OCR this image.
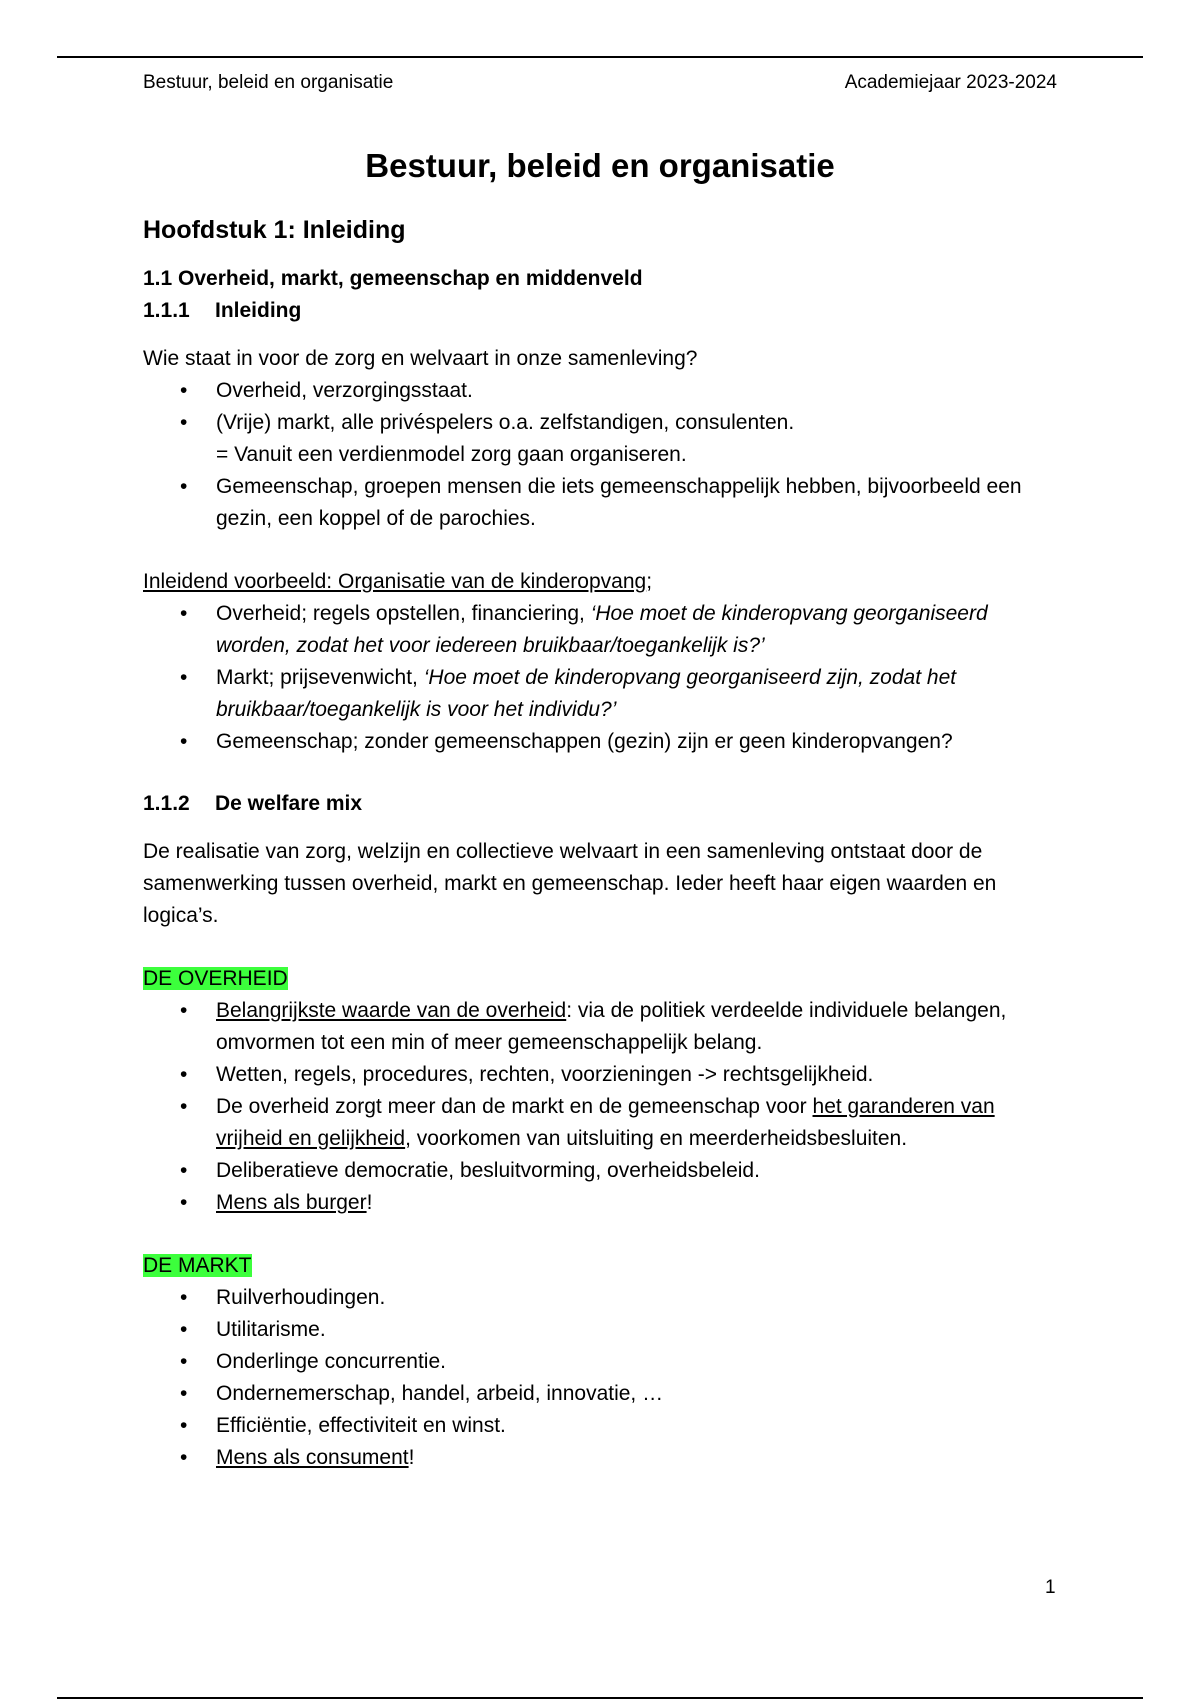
Bestuur, beleid en organisatie	Academiejaar 2023-2024
Bestuur, beleid en organisatie
Hoofdstuk 1: Inleiding
1.1 Overheid, markt, gemeenschap en middenveld
1.1.1	Inleiding

Wie staat in voor de zorg en welvaart in onze samenleving?

• Overheid, verzorgingsstaat.
• (Vrije) markt, alle privéspelers o.a. zelfstandigen, consulenten.
= Vanuit een verdienmodel zorg gaan organiseren.
• Gemeenschap, groepen mensen die iets gemeenschappelijk hebben, bijvoorbeeld een gezin, een koppel of de parochies.

Inleidend voorbeeld: Organisatie van de kinderopvang;

• Overheid; regels opstellen, financiering, ‘Hoe moet de kinderopvang georganiseerd worden, zodat het voor iedereen bruikbaar/toegankelijk is?’
• Markt; prijsevenwicht, ‘Hoe moet de kinderopvang georganiseerd zijn, zodat het bruikbaar/toegankelijk is voor het individu?’
• Gemeenschap; zonder gemeenschappen (gezin) zijn er geen kinderopvangen?
1.1.2	De welfare mix

De realisatie van zorg, welzijn en collectieve welvaart in een samenleving ontstaat door de samenwerking tussen overheid, markt en gemeenschap. Ieder heeft haar eigen waarden en logica’s.

DE OVERHEID

• Belangrijkste waarde van de overheid: via de politiek verdeelde individuele belangen, omvormen tot een min of meer gemeenschappelijk belang.
• Wetten, regels, procedures, rechten, voorzieningen -> rechtsgelijkheid.
• De overheid zorgt meer dan de markt en de gemeenschap voor het garanderen van vrijheid en gelijkheid, voorkomen van uitsluiting en meerderheidsbesluiten.
• Deliberatieve democratie, besluitvorming, overheidsbeleid.
• Mens als burger!

DE MARKT

• Ruilverhoudingen.
• Utilitarisme.
• Onderlinge concurrentie.
• Ondernemerschap, handel, arbeid, innovatie, …
• Efficiëntie, effectiviteit en winst.
• Mens als consument!
1
